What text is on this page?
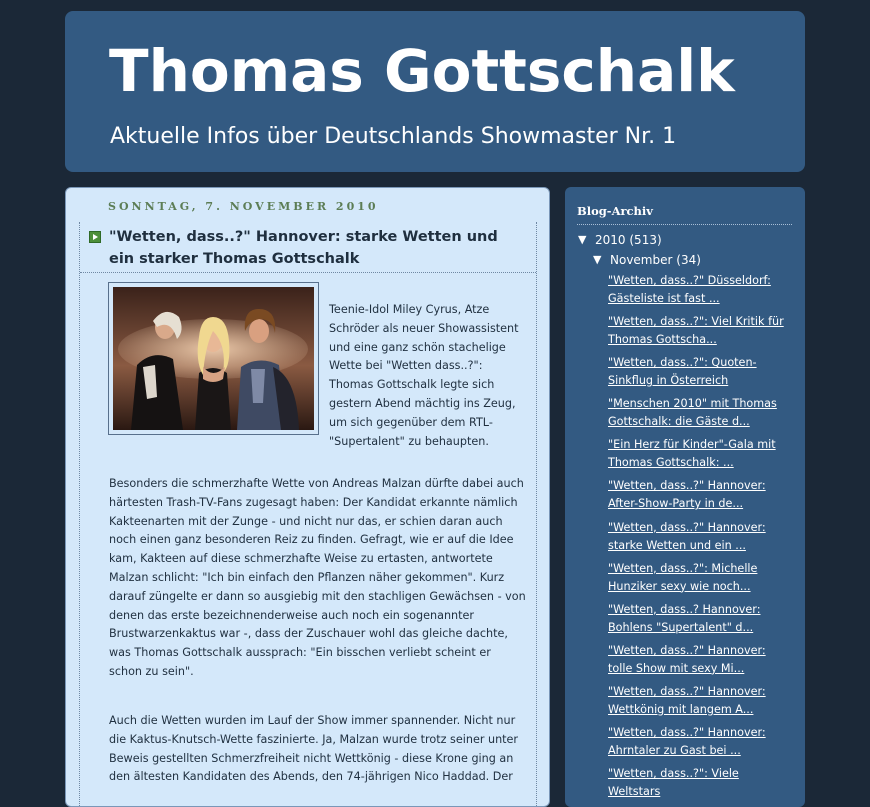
Thomas Gottschalk

Aktuelle Infos über Deutschlands Showmaster Nr. 1

SONNTAG, 7. NOVEMBER 2010
"Wetten, dass..?" Hannover: starke Wetten und ein starker Thomas Gottschalk

Teenie-Idol Miley Cyrus, Atze Schröder als neuer Showassistent und eine ganz schön stachelige Wette bei "Wetten dass..?": Thomas Gottschalk legte sich gestern Abend mächtig ins Zeug, um sich gegenüber dem RTL-"Supertalent" zu behaupten.

Besonders die schmerzhafte Wette von Andreas Malzan dürfte dabei auch härtesten Trash-TV-Fans zugesagt haben: Der Kandidat erkannte nämlich Kakteenarten mit der Zunge - und nicht nur das, er schien daran auch noch einen ganz besonderen Reiz zu finden. Gefragt, wie er auf die Idee kam, Kakteen auf diese schmerzhafte Weise zu ertasten, antwortete Malzan schlicht: "Ich bin einfach den Pflanzen näher gekommen". Kurz darauf züngelte er dann so ausgiebig mit den stachligen Gewächsen - von denen das erste bezeichnenderweise auch noch ein sogenannter Brustwarzenkaktus war -, dass der Zuschauer wohl das gleiche dachte, was Thomas Gottschalk aussprach: "Ein bisschen verliebt scheint er schon zu sein".

Auch die Wetten wurden im Lauf der Show immer spannender. Nicht nur die Kaktus-Knutsch-Wette faszinierte. Ja, Malzan wurde trotz seiner unter Beweis gestellten Schmerzfreiheit nicht Wettkönig - diese Krone ging an den ältesten Kandidaten des Abends, den 74-jährigen Nico Haddad. Der

Blog-Archiv
▼ 2010 (513)
▼ November (34)
"Wetten, dass..?" Düsseldorf: Gästeliste ist fast ...
"Wetten, dass..?": Viel Kritik für Thomas Gottscha...
"Wetten, dass..?": Quoten-Sinkflug in Österreich
"Menschen 2010" mit Thomas Gottschalk: die Gäste d...
"Ein Herz für Kinder"-Gala mit Thomas Gottschalk: ...
"Wetten, dass..?" Hannover: After-Show-Party in de...
"Wetten, dass..?" Hannover: starke Wetten und ein ...
"Wetten, dass..?": Michelle Hunziker sexy wie noch...
"Wetten, dass..? Hannover: Bohlens "Supertalent" d...
"Wetten, dass..?" Hannover: tolle Show mit sexy Mi...
"Wetten, dass..?" Hannover: Wettkönig mit langem A...
"Wetten, dass..?" Hannover: Ahrntaler zu Gast bei ...
"Wetten, dass..?": Viele Weltstars
